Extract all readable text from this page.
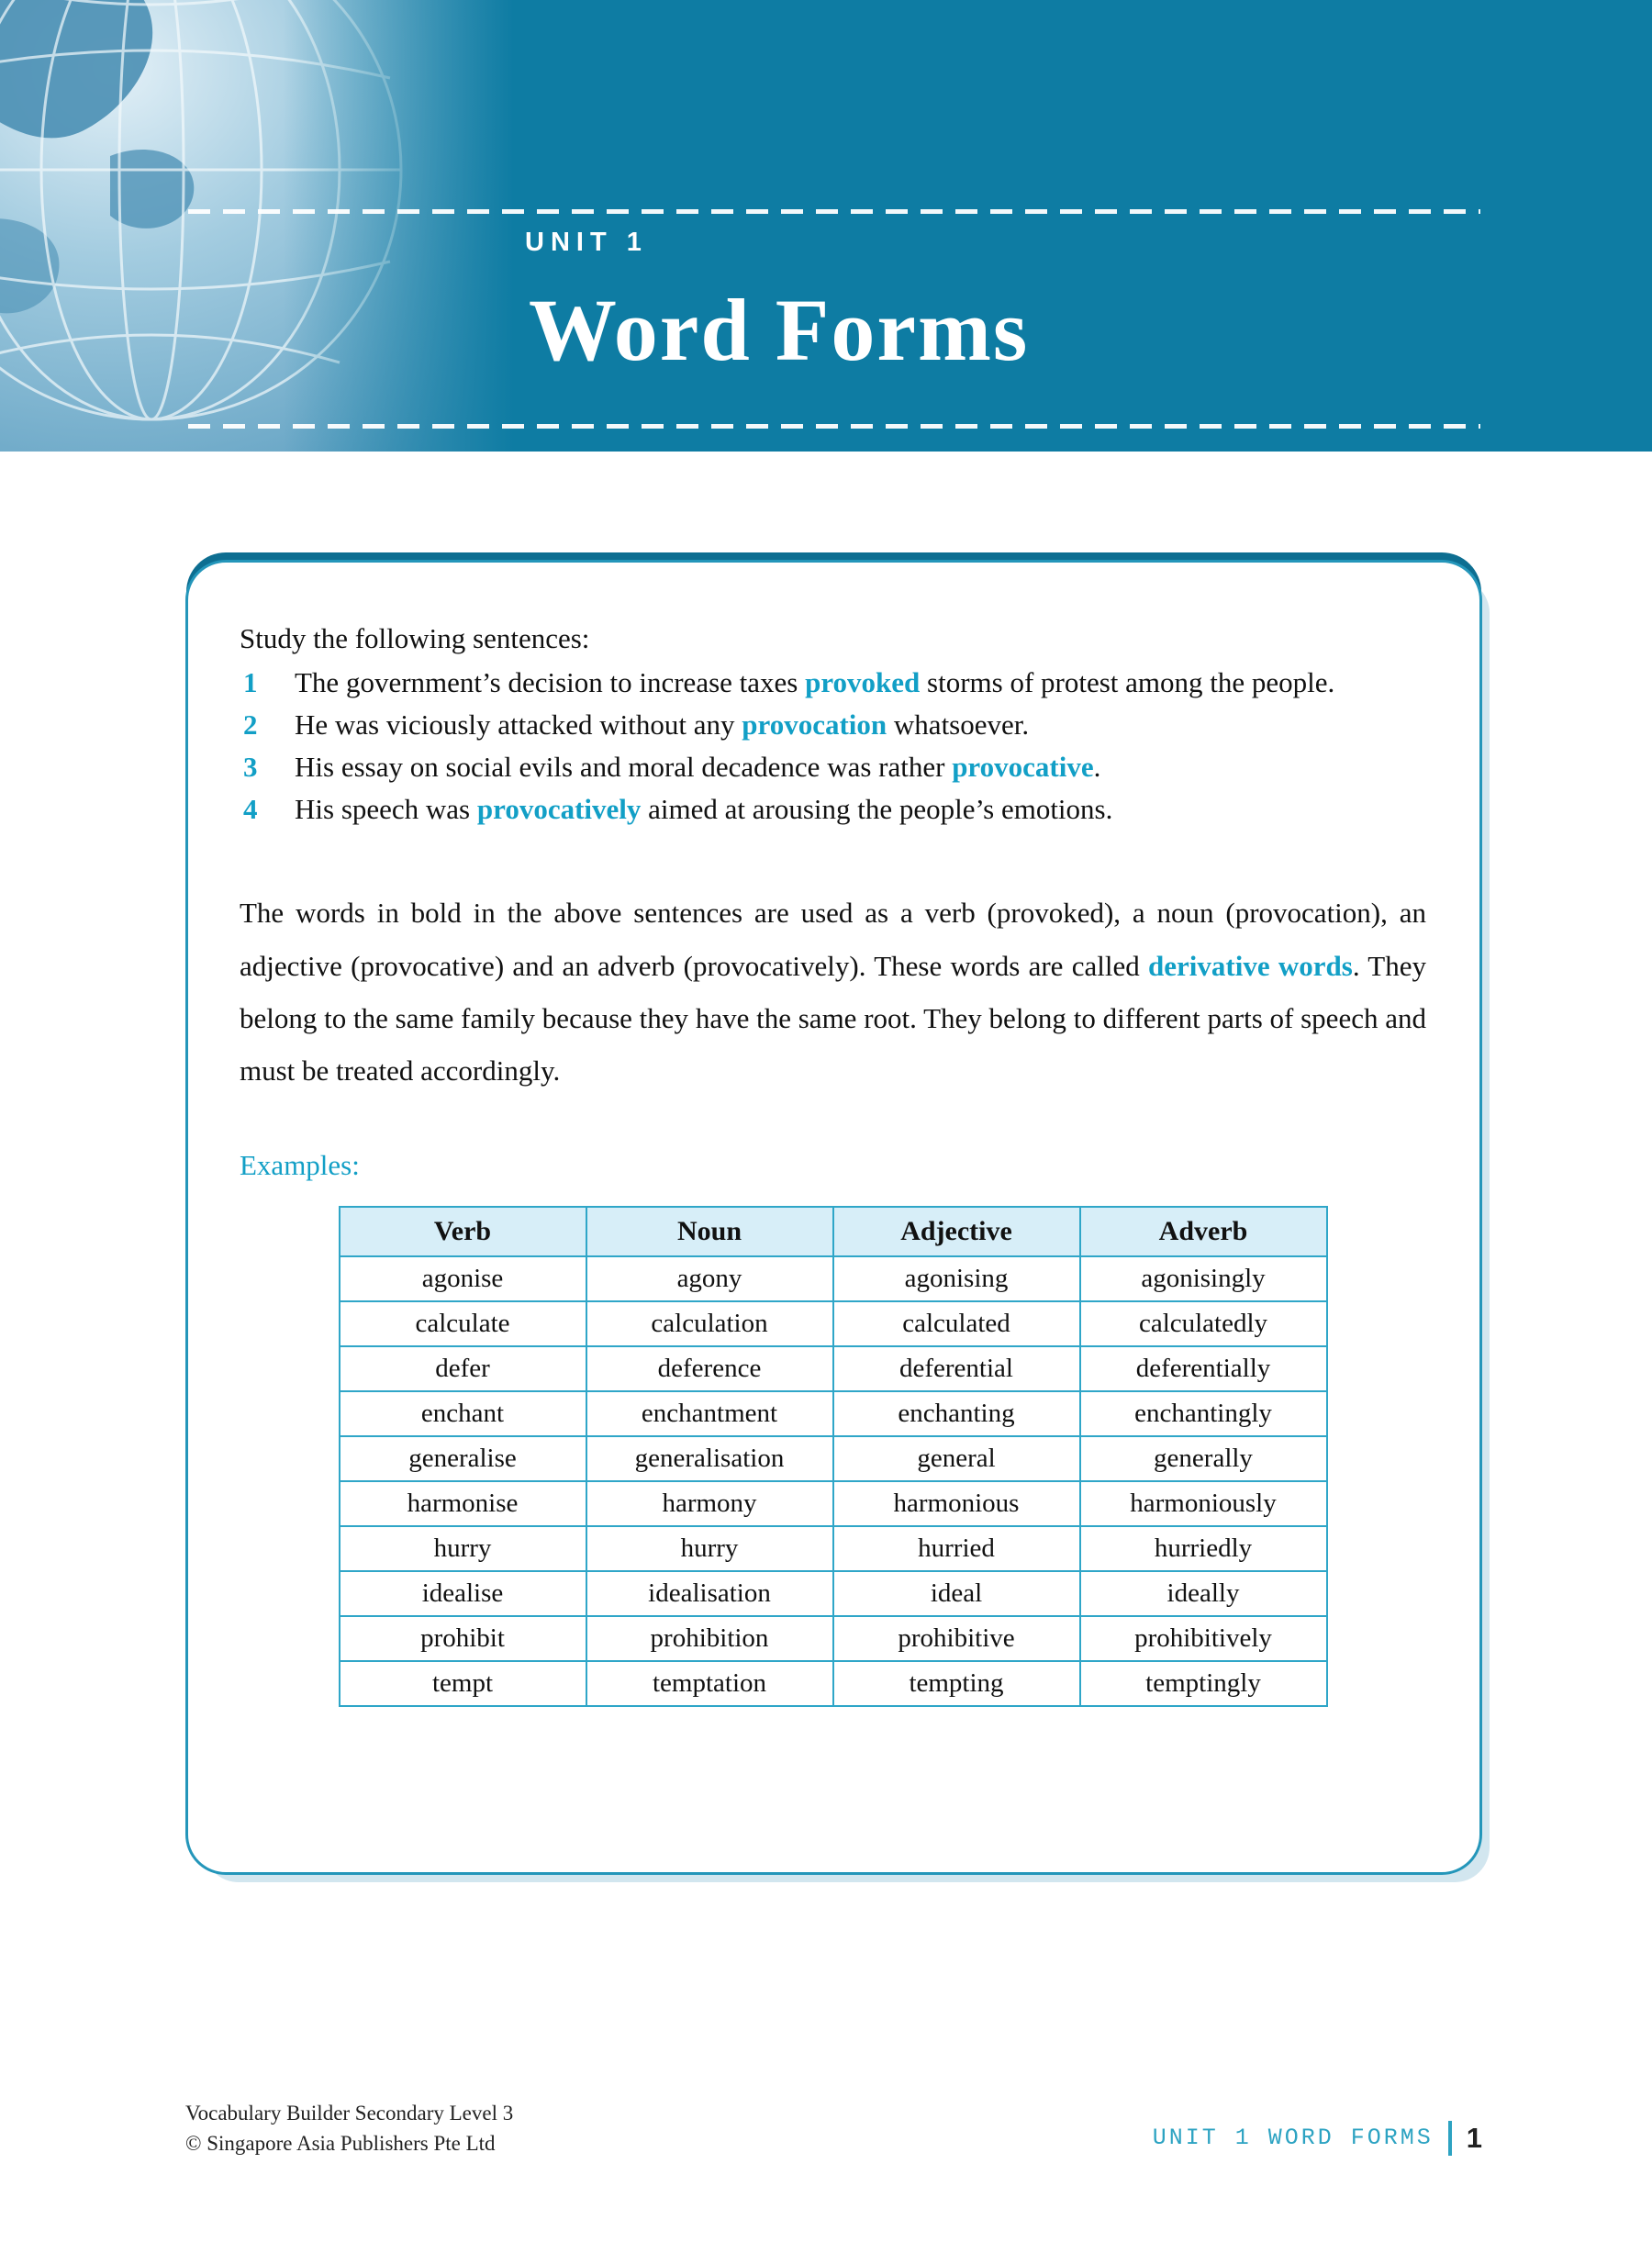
UNIT 1
Word Forms
Study the following sentences:
1	The government’s decision to increase taxes provoked storms of protest among the people.
2	He was viciously attacked without any provocation whatsoever.
3	His essay on social evils and moral decadence was rather provocative.
4	His speech was provocatively aimed at arousing the people’s emotions.

The words in bold in the above sentences are used as a verb (provoked), a noun (provocation), an adjective (provocative) and an adverb (provocatively). These words are called derivative words. They belong to the same family because they have the same root. They belong to different parts of speech and must be treated accordingly.

Examples:
Verb	Noun	Adjective	Adverb
agonise	agony	agonising	agonisingly
calculate	calculation	calculated	calculatedly
defer	deference	deferential	deferentially
enchant	enchantment	enchanting	enchantingly
generalise	generalisation	general	generally
harmonise	harmony	harmonious	harmoniously
hurry	hurry	hurried	hurriedly
idealise	idealisation	ideal	ideally
prohibit	prohibition	prohibitive	prohibitively
tempt	temptation	tempting	temptingly
Vocabulary Builder Secondary Level 3
© Singapore Asia Publishers Pte Ltd	UNIT 1 WORD FORMS 1
